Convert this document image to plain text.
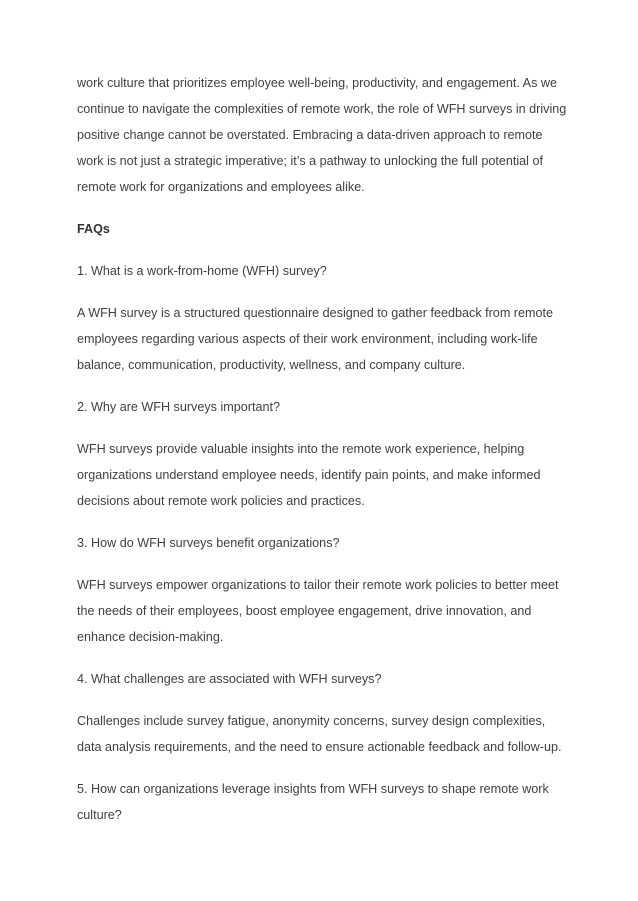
work culture that prioritizes employee well-being, productivity, and engagement. As we continue to navigate the complexities of remote work, the role of WFH surveys in driving positive change cannot be overstated. Embracing a data-driven approach to remote work is not just a strategic imperative; it’s a pathway to unlocking the full potential of remote work for organizations and employees alike.

FAQs

1. What is a work-from-home (WFH) survey?

A WFH survey is a structured questionnaire designed to gather feedback from remote employees regarding various aspects of their work environment, including work-life balance, communication, productivity, wellness, and company culture.

2. Why are WFH surveys important?

WFH surveys provide valuable insights into the remote work experience, helping organizations understand employee needs, identify pain points, and make informed decisions about remote work policies and practices.

3. How do WFH surveys benefit organizations?

WFH surveys empower organizations to tailor their remote work policies to better meet the needs of their employees, boost employee engagement, drive innovation, and enhance decision-making.

4. What challenges are associated with WFH surveys?

Challenges include survey fatigue, anonymity concerns, survey design complexities, data analysis requirements, and the need to ensure actionable feedback and follow-up.

5. How can organizations leverage insights from WFH surveys to shape remote work culture?
